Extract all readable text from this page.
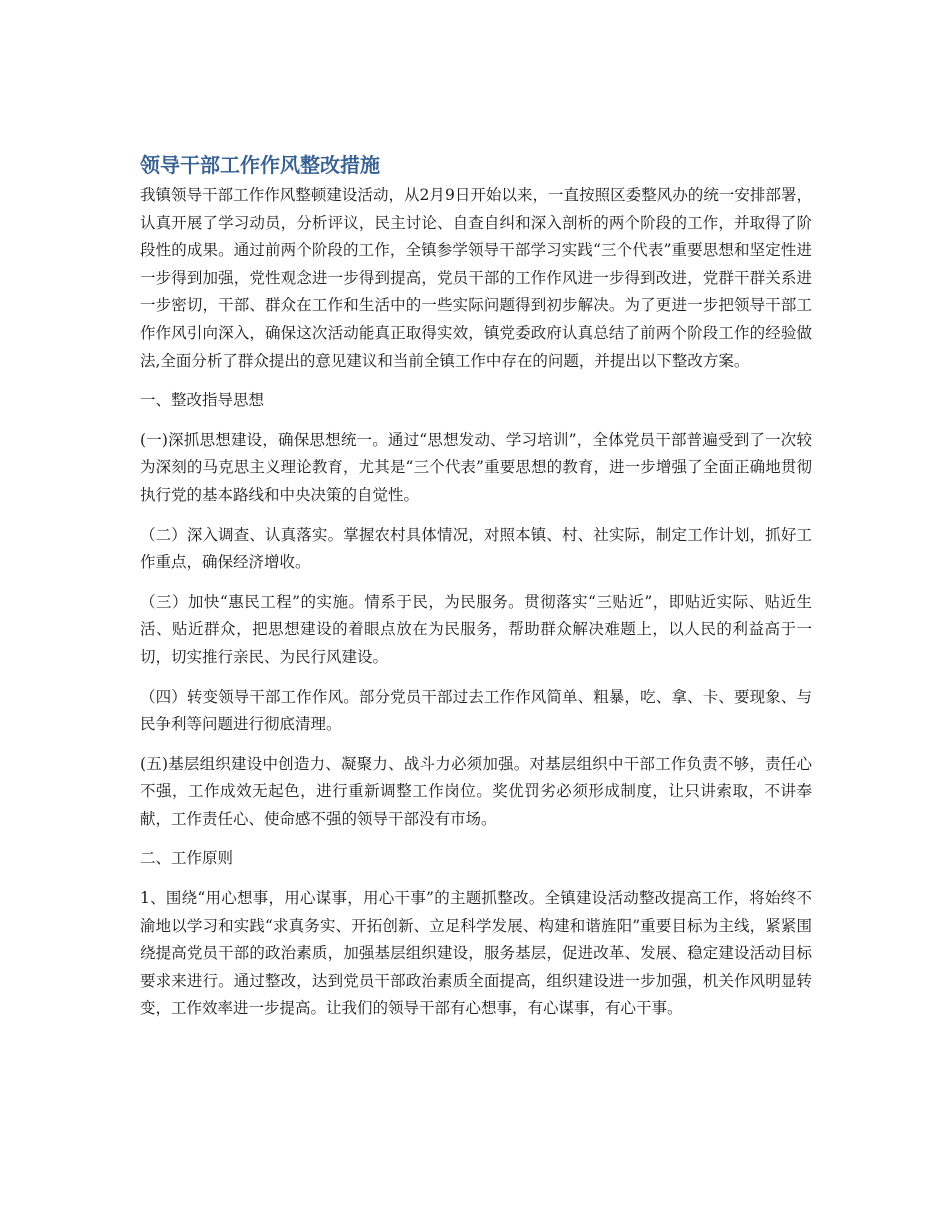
领导干部工作作风整改措施

我镇领导干部工作作风整顿建设活动，从2月9日开始以来，一直按照区委整风办的统一安排部署，认真开展了学习动员，分析评议，民主讨论、自查自纠和深入剖析的两个阶段的工作，并取得了阶段性的成果。通过前两个阶段的工作，全镇参学领导干部学习实践“三个代表”重要思想和坚定性进一步得到加强，党性观念进一步得到提高，党员干部的工作作风进一步得到改进，党群干群关系进一步密切，干部、群众在工作和生活中的一些实际问题得到初步解决。为了更进一步把领导干部工作作风引向深入，确保这次活动能真正取得实效，镇党委政府认真总结了前两个阶段工作的经验做法,全面分析了群众提出的意见建议和当前全镇工作中存在的问题，并提出以下整改方案。

一、整改指导思想

(一)深抓思想建设，确保思想统一。通过“思想发动、学习培训”，全体党员干部普遍受到了一次较为深刻的马克思主义理论教育，尤其是“三个代表”重要思想的教育，进一步增强了全面正确地贯彻执行党的基本路线和中央决策的自觉性。

（二）深入调查、认真落实。掌握农村具体情况，对照本镇、村、社实际，制定工作计划，抓好工作重点，确保经济增收。

（三）加快“惠民工程”的实施。情系于民，为民服务。贯彻落实“三贴近”，即贴近实际、贴近生活、贴近群众，把思想建设的着眼点放在为民服务，帮助群众解决难题上，以人民的利益高于一切，切实推行亲民、为民行风建设。

（四）转变领导干部工作作风。部分党员干部过去工作作风简单、粗暴，吃、拿、卡、要现象、与民争利等问题进行彻底清理。

(五)基层组织建设中创造力、凝聚力、战斗力必须加强。对基层组织中干部工作负责不够，责任心不强，工作成效无起色，进行重新调整工作岗位。奖优罚劣必须形成制度，让只讲索取，不讲奉献，工作责任心、使命感不强的领导干部没有市场。

二、工作原则

1、围绕“用心想事，用心谋事，用心干事”的主题抓整改。全镇建设活动整改提高工作，将始终不渝地以学习和实践“求真务实、开拓创新、立足科学发展、构建和谐旌阳”重要目标为主线，紧紧围绕提高党员干部的政治素质，加强基层组织建设，服务基层，促进改革、发展、稳定建设活动目标要求来进行。通过整改，达到党员干部政治素质全面提高，组织建设进一步加强，机关作风明显转变，工作效率进一步提高。让我们的领导干部有心想事，有心谋事，有心干事。
